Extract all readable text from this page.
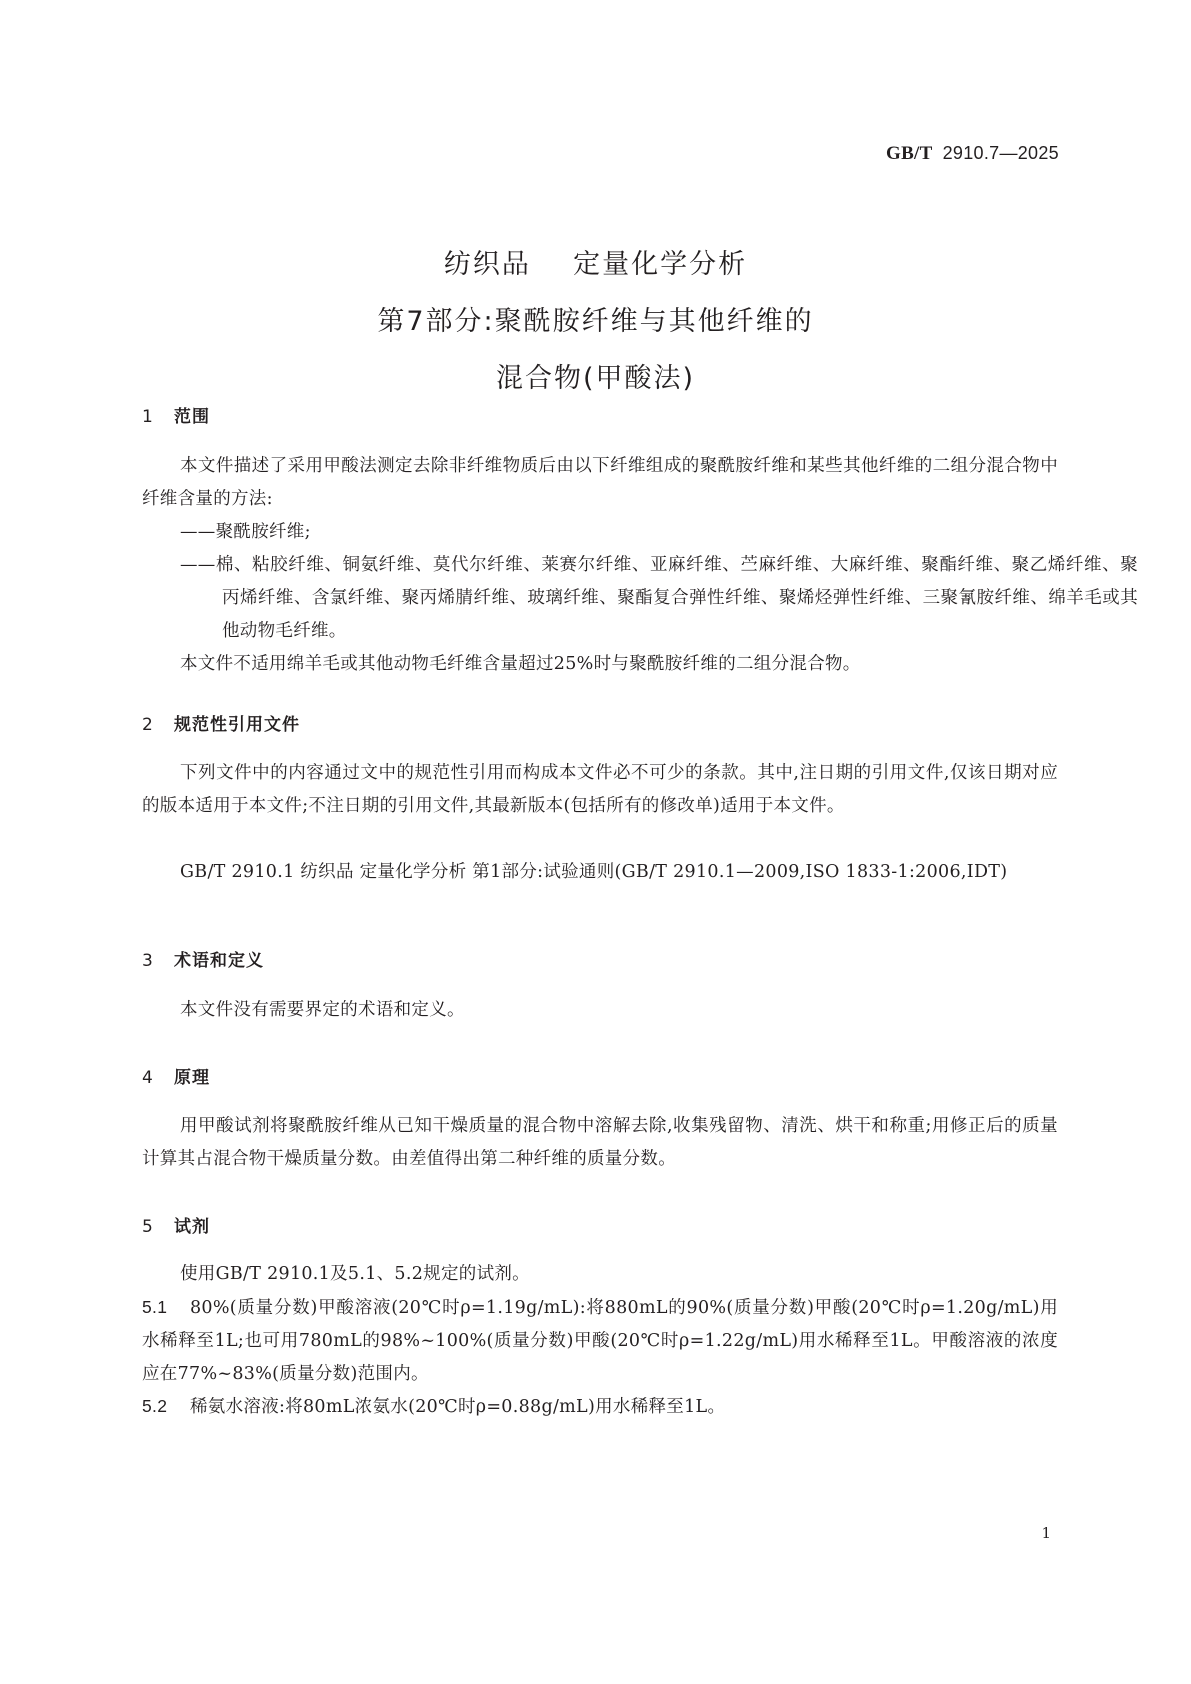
GB/T 2910.7—2025
纺织品    定量化学分析
第7部分:聚酰胺纤维与其他纤维的
混合物(甲酸法)
1 范围
本文件描述了采用甲酸法测定去除非纤维物质后由以下纤维组成的聚酰胺纤维和某些其他纤维的二组分混合物中纤维含量的方法:
——聚酰胺纤维;
——棉、粘胶纤维、铜氨纤维、莫代尔纤维、莱赛尔纤维、亚麻纤维、苎麻纤维、大麻纤维、聚酯纤维、聚乙烯纤维、聚丙烯纤维、含氯纤维、聚丙烯腈纤维、玻璃纤维、聚酯复合弹性纤维、聚烯烃弹性纤维、三聚氰胺纤维、绵羊毛或其他动物毛纤维。
本文件不适用绵羊毛或其他动物毛纤维含量超过25%时与聚酰胺纤维的二组分混合物。
2 规范性引用文件
下列文件中的内容通过文中的规范性引用而构成本文件必不可少的条款。其中,注日期的引用文件,仅该日期对应的版本适用于本文件;不注日期的引用文件,其最新版本(包括所有的修改单)适用于本文件。
GB/T 2910.1 纺织品 定量化学分析 第1部分:试验通则(GB/T 2910.1—2009,ISO 1833-1:2006,IDT)
3 术语和定义
本文件没有需要界定的术语和定义。
4 原理
用甲酸试剂将聚酰胺纤维从已知干燥质量的混合物中溶解去除,收集残留物、清洗、烘干和称重;用修正后的质量计算其占混合物干燥质量分数。由差值得出第二种纤维的质量分数。
5 试剂
使用GB/T 2910.1及5.1、5.2规定的试剂。
5.1 80%(质量分数)甲酸溶液(20℃时ρ=1.19g/mL):将880mL的90%(质量分数)甲酸(20℃时ρ=1.20g/mL)用水稀释至1L;也可用780mL的98%~100%(质量分数)甲酸(20℃时ρ=1.22g/mL)用水稀释至1L。甲酸溶液的浓度应在77%~83%(质量分数)范围内。
5.2 稀氨水溶液:将80mL浓氨水(20℃时ρ=0.88g/mL)用水稀释至1L。
1
